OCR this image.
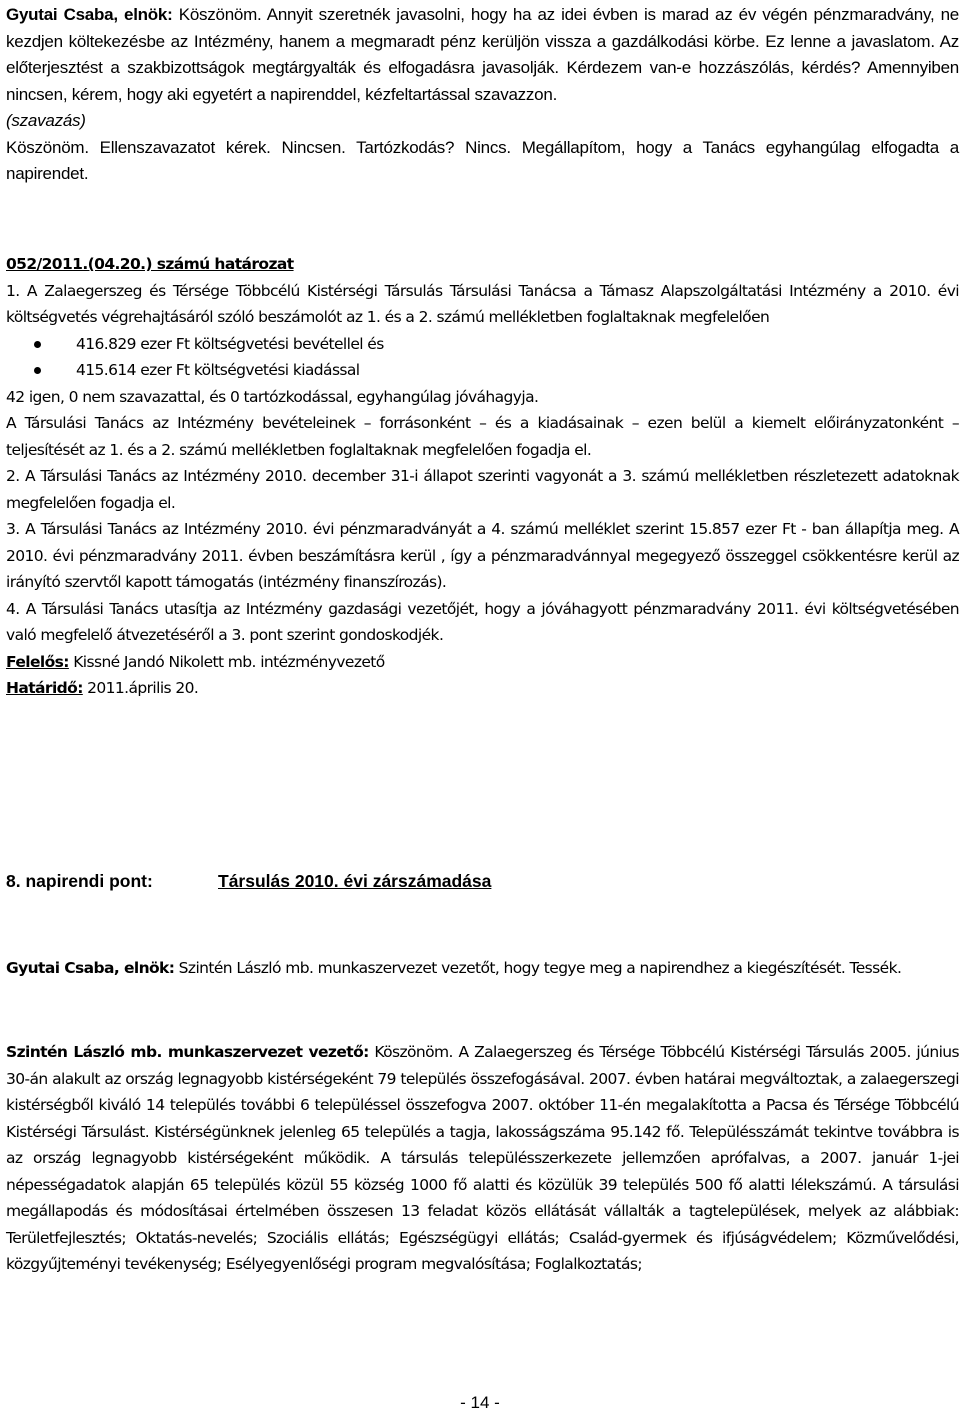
Gyutai Csaba, elnök: Köszönöm. Annyit szeretnék javasolni, hogy ha az idei évben is marad az év végén pénzmaradvány, ne kezdjen költekezésbe az Intézmény, hanem a megmaradt pénz kerüljön vissza a gazdálkodási körbe. Ez lenne a javaslatom. Az előterjesztést a szakbizottságok megtárgyalták és elfogadásra javasolják. Kérdezem van-e hozzászólás, kérdés? Amennyiben nincsen, kérem, hogy aki egyetért a napirenddel, kézfeltartással szavazzon.
(szavazás)
Köszönöm. Ellenszavazatot kérek. Nincsen. Tartózkodás? Nincs. Megállapítom, hogy a Tanács egyhangúlag elfogadta a napirendet.
052/2011.(04.20.) számú határozat
1. A Zalaegerszeg és Térsége Többcélú Kistérségi Társulás Társulási Tanácsa a Támasz Alapszolgáltatási Intézmény a 2010. évi költségvetés végrehajtásáról szóló beszámolót az 1. és a 2. számú mellékletben foglaltaknak megfelelően
416.829 ezer Ft költségvetési bevétellel és
415.614 ezer Ft költségvetési kiadással
42 igen, 0 nem szavazattal, és 0 tartózkodással, egyhangúlag jóváhagyja.
A Társulási Tanács az Intézmény bevételeinek – forrásonként – és a kiadásainak – ezen belül a kiemelt előirányzatonként – teljesítését az 1. és a 2. számú mellékletben foglaltaknak megfelelően fogadja el.
2. A Társulási Tanács az Intézmény 2010. december 31-i állapot szerinti vagyonát a 3. számú mellékletben részletezett adatoknak megfelelően fogadja el.
3. A Társulási Tanács az Intézmény 2010. évi pénzmaradványát a 4. számú melléklet szerint 15.857 ezer Ft - ban állapítja meg. A 2010. évi pénzmaradvány 2011. évben beszámításra kerül , így a pénzmaradvánnyal megegyező összeggel csökkentésre kerül az irányító szervtől kapott támogatás (intézmény finanszírozás).
4. A Társulási Tanács utasítja az Intézmény gazdasági vezetőjét, hogy a jóváhagyott pénzmaradvány 2011. évi költségvetésében való megfelelő átvezetéséről a 3. pont szerint gondoskodjék.
Felelős: Kissné Jandó Nikolett mb. intézményvezető
Határidő: 2011.április 20.
8. napirendi pont:	Társulás 2010. évi zárszámadása
Gyutai Csaba, elnök: Szintén László mb. munkaszervezet vezetőt, hogy tegye meg a napirendhez a kiegészítését. Tessék.
Szintén László mb. munkaszervezet vezető: Köszönöm. A Zalaegerszeg és Térsége Többcélú Kistérségi Társulás 2005. június 30-án alakult az ország legnagyobb kistérségeként 79 település összefogásával. 2007. évben határai megváltoztak, a zalaegerszegi kistérségből kiváló 14 település további 6 településsel összefogva 2007. október 11-én megalakította a Pacsa és Térsége Többcélú Kistérségi Társulást. Kistérségünknek jelenleg 65 település a tagja, lakosságszáma 95.142 fő. Településszámát tekintve továbbra is az ország legnagyobb kistérségeként működik. A társulás településszerkezete jellemzően aprófalvas, a 2007. január 1-jei népességadatok alapján 65 település közül 55 község 1000 fő alatti és közülük 39 település 500 fő alatti lélekszámú. A társulási megállapodás és módosításai értelmében összesen 13 feladat közös ellátását vállalták a tagtelepülések, melyek az alábbiak: Területfejlesztés; Oktatás-nevelés; Szociális ellátás; Egészségügyi ellátás; Család-gyermek és ifjúságvédelem; Közművelődési, közgyűjteményi tevékenység; Esélyegyenlőségi program megvalósítása; Foglalkoztatás;
- 14 -
